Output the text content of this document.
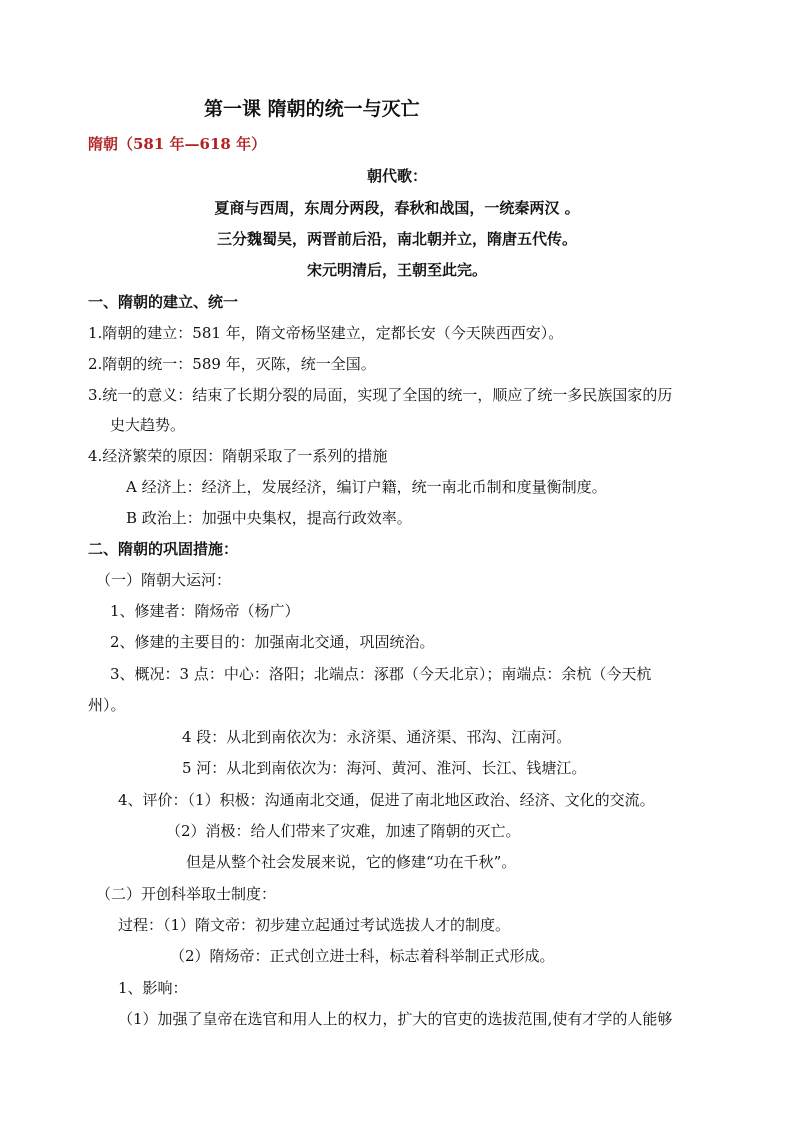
第一课 隋朝的统一与灭亡
隋朝（581 年—618 年）
朝代歌：
夏商与西周，东周分两段，春秋和战国，一统秦两汉 。
三分魏蜀吴，两晋前后沿，南北朝并立，隋唐五代传。
宋元明清后，王朝至此完。
一、隋朝的建立、统一
1.隋朝的建立：581 年，隋文帝杨坚建立，定都长安（今天陕西西安）。
2.隋朝的统一：589 年，灭陈，统一全国。
3.统一的意义：结束了长期分裂的局面，实现了全国的统一，顺应了统一多民族国家的历
史大趋势。
4.经济繁荣的原因：隋朝采取了一系列的措施
A 经济上：经济上，发展经济，编订户籍，统一南北币制和度量衡制度。
B 政治上：加强中央集权，提高行政效率。
二、隋朝的巩固措施：
（一）隋朝大运河：
1、修建者：隋炀帝（杨广）
2、修建的主要目的：加强南北交通，巩固统治。
3、概况：3 点：中心：洛阳；北端点：涿郡（今天北京）；南端点：余杭（今天杭
州）。
4 段：从北到南依次为：永济渠、通济渠、邗沟、江南河。
5 河：从北到南依次为：海河、黄河、淮河、长江、钱塘江。
4、评价：（1）积极：沟通南北交通，促进了南北地区政治、经济、文化的交流。
（2）消极：给人们带来了灾难，加速了隋朝的灭亡。
但是从整个社会发展来说，它的修建“功在千秋”。
（二）开创科举取士制度：
过程：（1）隋文帝：初步建立起通过考试选拔人才的制度。
（2）隋炀帝：正式创立进士科，标志着科举制正式形成。
1、影响：
（1）加强了皇帝在选官和用人上的权力，扩大的官吏的选拔范围,使有才学的人能够
